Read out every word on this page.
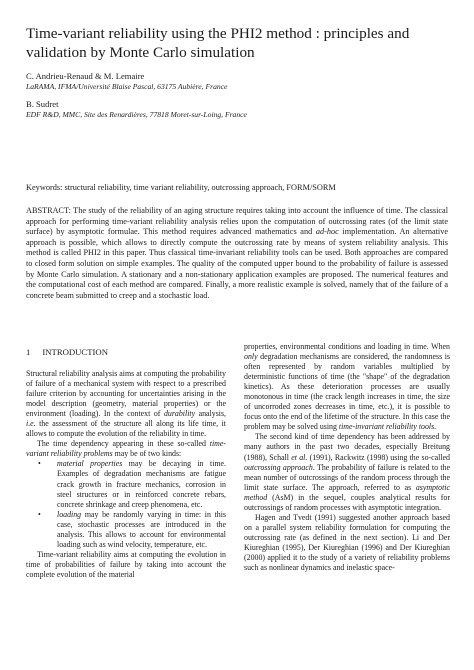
Time-variant reliability using the PHI2 method : principles and validation by Monte Carlo simulation
C. Andrieu-Renaud & M. Lemaire
LaRAMA, IFMA/Université Blaise Pascal, 63175 Aubière, France
B. Sudret
EDF R&D, MMC, Site des Renardières, 77818 Moret-sur-Loing, France
Keywords: structural reliability, time variant reliability, outcrossing approach, FORM/SORM

ABSTRACT: The study of the reliability of an aging structure requires taking into account the influence of time. The classical approach for performing time-variant reliability analysis relies upon the computation of outcrossing rates (of the limit state surface) by asymptotic formulae. This method requires advanced mathematics and ad-hoc implementation. An alternative approach is possible, which allows to directly compute the outcrossing rate by means of system reliability analysis. This method is called PHI2 in this paper. Thus classical time-invariant reliability tools can be used. Both approaches are compared to closed form solution on simple examples. The quality of the computed upper bound to the probability of failure is assessed by Monte Carlo simulation. A stationary and a non-stationary application examples are proposed. The numerical features and the computational cost of each method are compared. Finally, a more realistic example is solved, namely that of the failure of a concrete beam submitted to creep and a stochastic load.

1 INTRODUCTION

Structural reliability analysis aims at computing the probability of failure of a mechanical system with respect to a prescribed failure criterion by accounting for uncertainties arising in the model description (geometry, material properties) or the environment (loading). In the context of durability analysis, i.e. the assessment of the structure all along its life time, it allows to compute the evolution of the reliability in time.

The time dependency appearing in these so-called time-variant reliability problems may be of two kinds:

• material properties may be decaying in time. Examples of degradation mechanisms are fatigue crack growth in fracture mechanics, corrosion in steel structures or in reinforced concrete rebars, concrete shrinkage and creep phenomena, etc.
• loading may be randomly varying in time: in this case, stochastic processes are introduced in the analysis. This allows to account for environmental loading such as wind velocity, temperature, etc.

Time-variant reliability aims at computing the evolution in time of probabilities of failure by taking into account the complete evolution of the material

properties, environmental conditions and loading in time. When only degradation mechanisms are considered, the randomness is often represented by random variables multiplied by deterministic functions of time (the "shape" of the degradation kinetics). As these deterioration processes are usually monotonous in time (the crack length increases in time, the size of uncorroded zones decreases in time, etc.), it is possible to focus onto the end of the lifetime of the structure. In this case the problem may be solved using time-invariant reliability tools.

The second kind of time dependency has been addressed by many authors in the past two decades, especially Breitung (1988), Schall et al. (1991), Rackwitz (1998) using the so-called outcrossing approach. The probability of failure is related to the mean number of outcrossings of the random process through the limit state surface. The approach, referred to as asymptotic method (AsM) in the sequel, couples analytical results for outcrossings of random processes with asymptotic integration.

Hagen and Tvedt (1991) suggested another approach based on a parallel system reliability formulation for computing the outcrossing rate (as defined in the next section). Li and Der Kiureghian (1995), Der Kiureghian (1996) and Der Kiureghian (2000) applied it to the study of a variety of reliability problems such as nonlinear dynamics and inelastic space-
